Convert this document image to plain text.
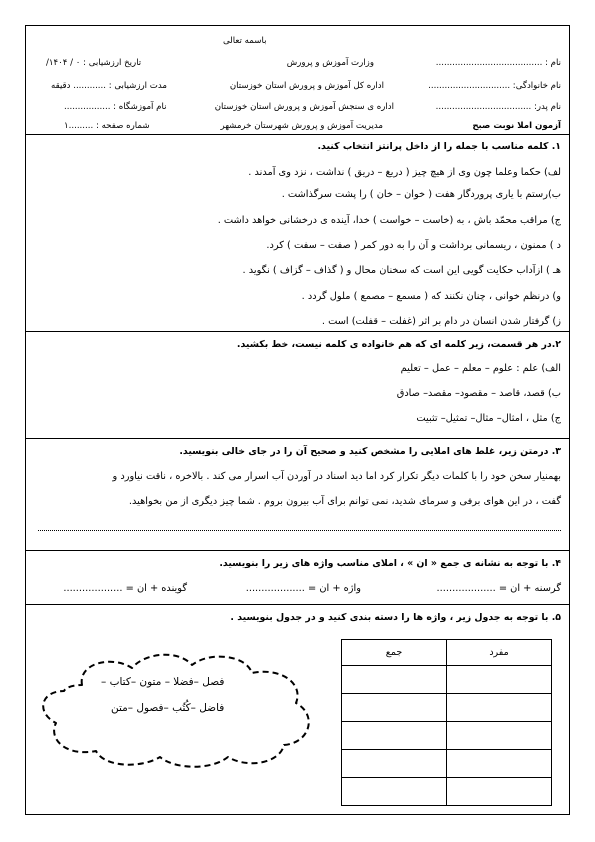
باسمه تعالی
نام : .......................................
نام خانوادگی: ..............................
نام پدر: ...................................
آزمون املا نوبت صبح
وزارت آموزش و پرورش
اداره کل آموزش و پرورش استان خوزستان
اداره ی سنجش آموزش و پرورش استان خوزستان
مدیریت آموزش و پرورش شهرستان خرمشهر
تاریخ ارزشیابی : ۰ / ۱۴۰۴/
مدت ارزشیابی : ............ دقیقه
نام آموزشگاه : .................
شماره صفحه : .........۱
۱. کلمه مناسب با جمله را از داخل پرانتز انتخاب کنید.
لف) حکما وعلما چون وی از هیچ چیز ( دریغ – دریق ) نداشت ، نزد وی آمدند .
ب)رستم با یاری پروردگار هفت ( خوان – خان ) را پشت سرگذاشت .
ج) مراقب محمّد باش ، به (خاست – خواست ) خدا، آینده ی درخشانی خواهد داشت .
د ) ممنون ، ریسمانی برداشت و آن را به دور کمر ( صفت – سفت ) کرد.
هـ ) ازآداب حکایت گویی این است که سخنان محال و ( گذاف – گزاف ) نگوید .
و) درنظم خوانی ، چنان نکنند که ( مسمع – مصمع ) ملول گردد .
ز) گرفتار شدن انسان در دام بر اثر (غفلت – قفلت) است .
۲.در هر قسمت، زیر کلمه ای که هم خانواده ی کلمه نیست، خط بکشید.
الف) علم : علوم – معلم – عمل – تعلیم
ب) قصد، قاصد – مقصود– مقصد– صادق
ج) مثل ، امثال– مثال– تمثیل– تثبیت
۳. درمتن زیر، غلط های املایی را مشخص کنید و صحیح آن را در جای خالی بنویسید.
بهمنیار سخن خود را با کلمات دیگر تکرار کرد اما دید اسناد در آوردن آب اسرار می کند . بالاخره ، ناقت نیاورد و
گفت ، در این هوای برفی و سرمای شدید، نمی توانم برای آب بیرون بروم . شما چیز دیگری از من بخواهید.
۴. با توجه به نشانه ی جمع « ان » ، املای مناسب واژه های زیر را بنویسید.
گرسنه + ان = ...................
واژه + ان = ...................
گوینده + ان = ...................
۵. با توجه به جدول زیر ، واژه ها را دسته بندی کنید و در جدول بنویسید .
فصل –فضلا – متون –کتاب –
فاضل –کُتُب –فصول –متن
جمع	مفرد
